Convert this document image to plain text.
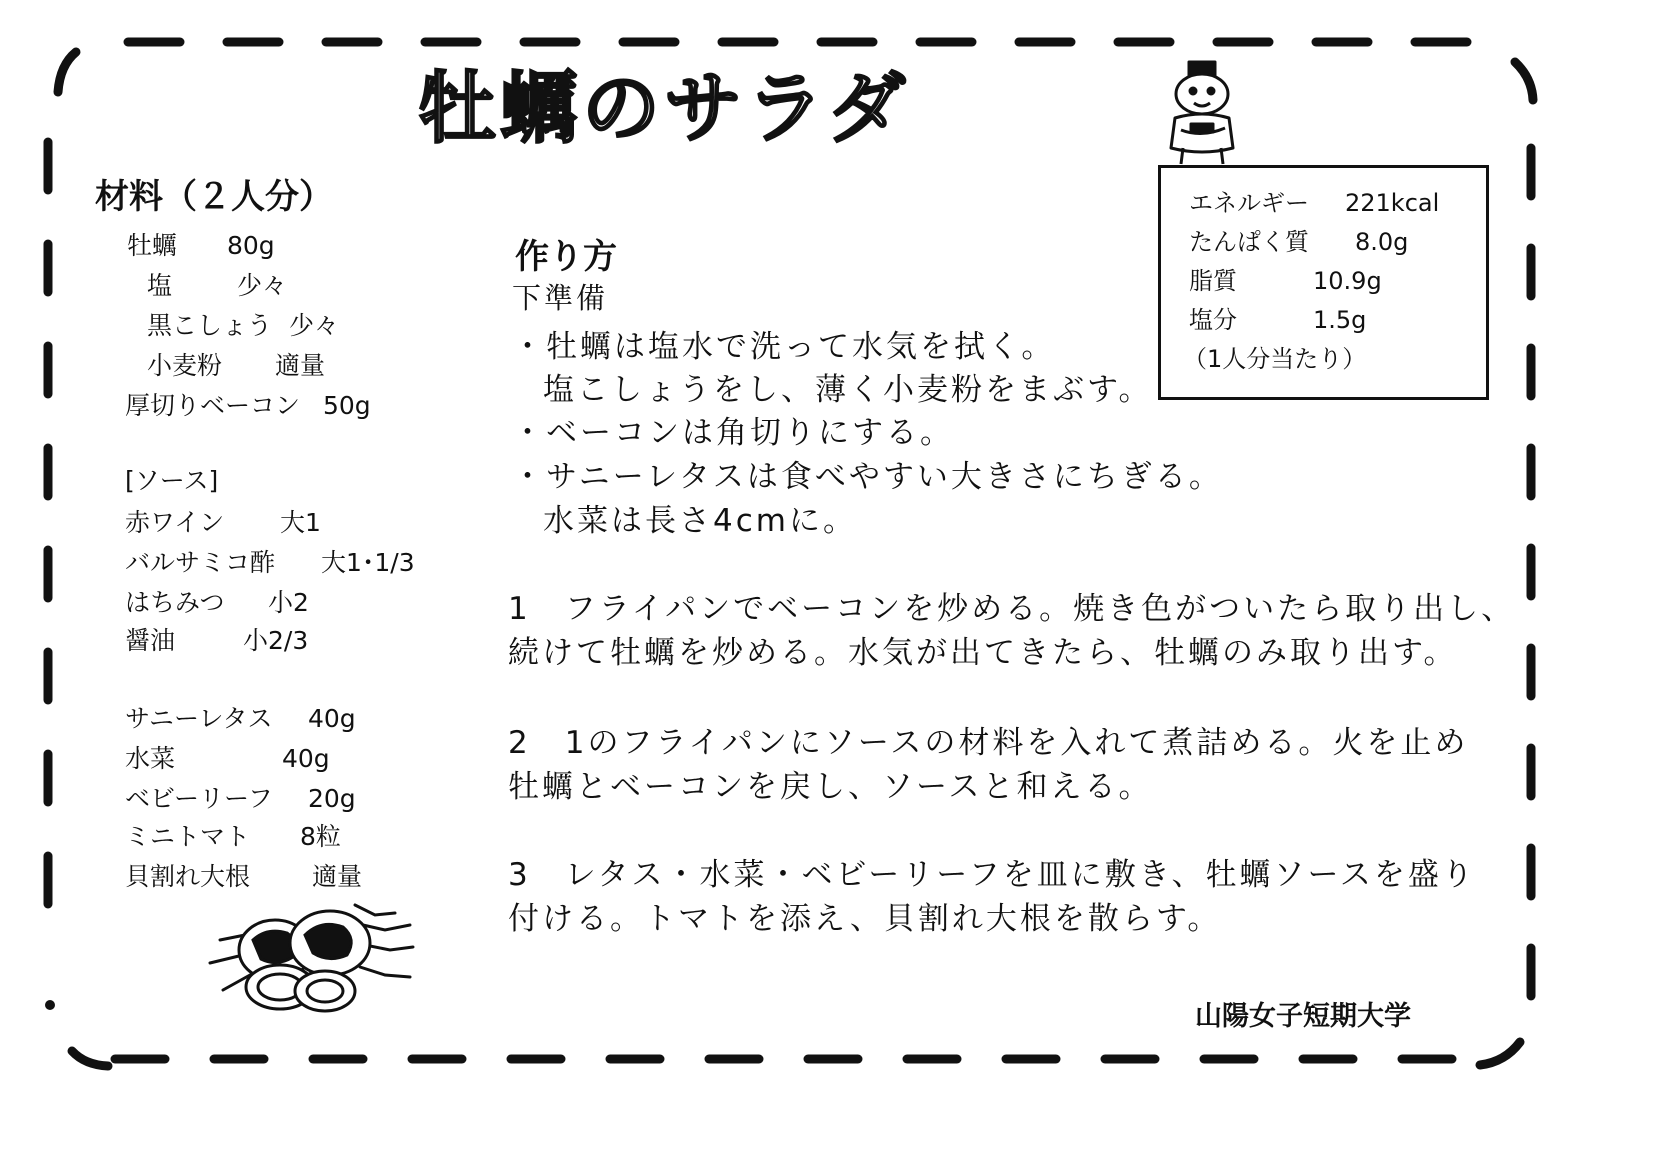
牡蠣のサラダ
エネルギー 221kcal
たんぱく質 8.0g
脂質	10.9g
塩分	1.5g
（1人分当たり）
材料（２人分）
牡蠣 80g
塩	少々
黒こしょう 少々
小麦粉 適量
厚切りベーコン 50g
[ソース]
赤ワイン 大1
バルサミコ酢 大1･1/3
はちみつ 小2
醤油	小2/3
サニーレタス 40g
水菜	40g
ベビーリーフ 20g
ミニトマト 8粒
貝割れ大根 適量
作り方
下準備
・牡蠣は塩水で洗って水気を拭く。
塩こしょうをし、薄く小麦粉をまぶす。
・ベーコンは角切りにする。
・サニーレタスは食べやすい大きさにちぎる。
水菜は長さ4cmに。
1　フライパンでベーコンを炒める。焼き色がついたら取り出し、
続けて牡蠣を炒める。水気が出てきたら、牡蠣のみ取り出す。
2　1のフライパンにソースの材料を入れて煮詰める。火を止め
牡蠣とベーコンを戻し、ソースと和える。
3　レタス・水菜・ベビーリーフを皿に敷き、牡蠣ソースを盛り
付ける。トマトを添え、貝割れ大根を散らす。
山陽女子短期大学
